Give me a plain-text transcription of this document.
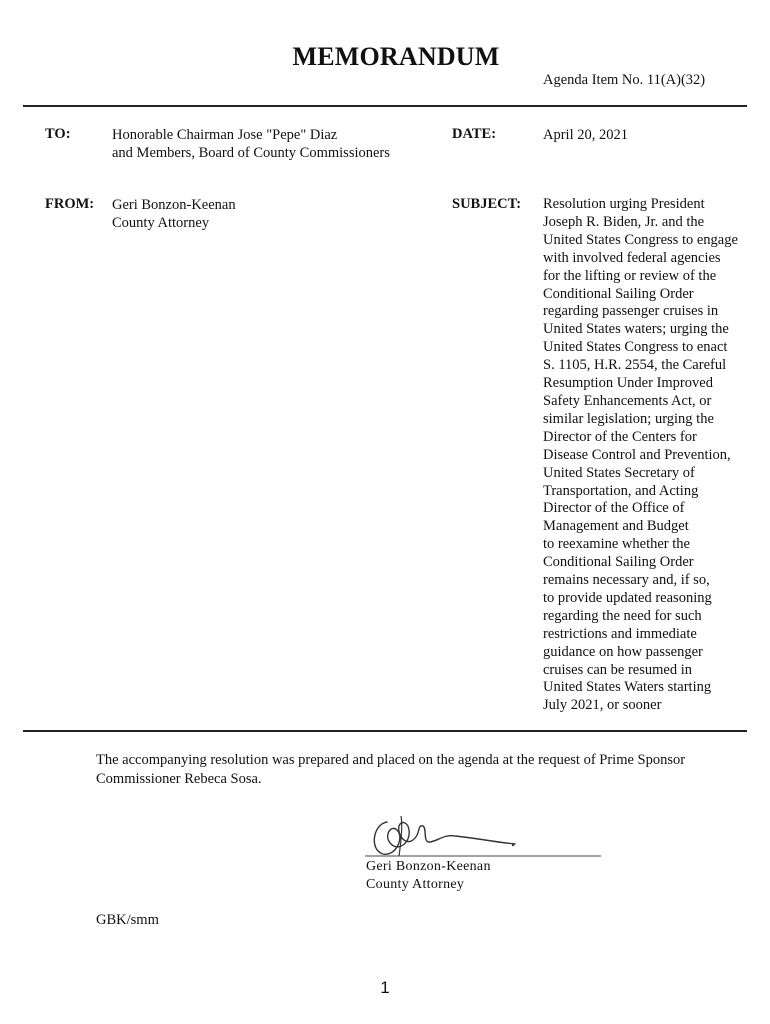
MEMORANDUM
Agenda Item No. 11(A)(32)
TO:	Honorable Chairman Jose "Pepe" Diaz
and Members, Board of County Commissioners
DATE:	April 20, 2021
FROM: Geri Bonzon-Keenan
County Attorney
SUBJECT: Resolution urging President
Joseph R. Biden, Jr. and the
United States Congress to engage
with involved federal agencies
for the lifting or review of the
Conditional Sailing Order
regarding passenger cruises in
United States waters; urging the
United States Congress to enact
S. 1105, H.R. 2554, the Careful
Resumption Under Improved
Safety Enhancements Act, or
similar legislation; urging the
Director of the Centers for
Disease Control and Prevention,
United States Secretary of
Transportation, and Acting
Director of the Office of
Management and Budget
to reexamine whether the
Conditional Sailing Order
remains necessary and, if so,
to provide updated reasoning
regarding the need for such
restrictions and immediate
guidance on how passenger
cruises can be resumed in
United States Waters starting
July 2021, or sooner
The accompanying resolution was prepared and placed on the agenda at the request of Prime Sponsor Commissioner Rebeca Sosa.
Geri Bonzon-Keenan
County Attorney
GBK/smm
1
